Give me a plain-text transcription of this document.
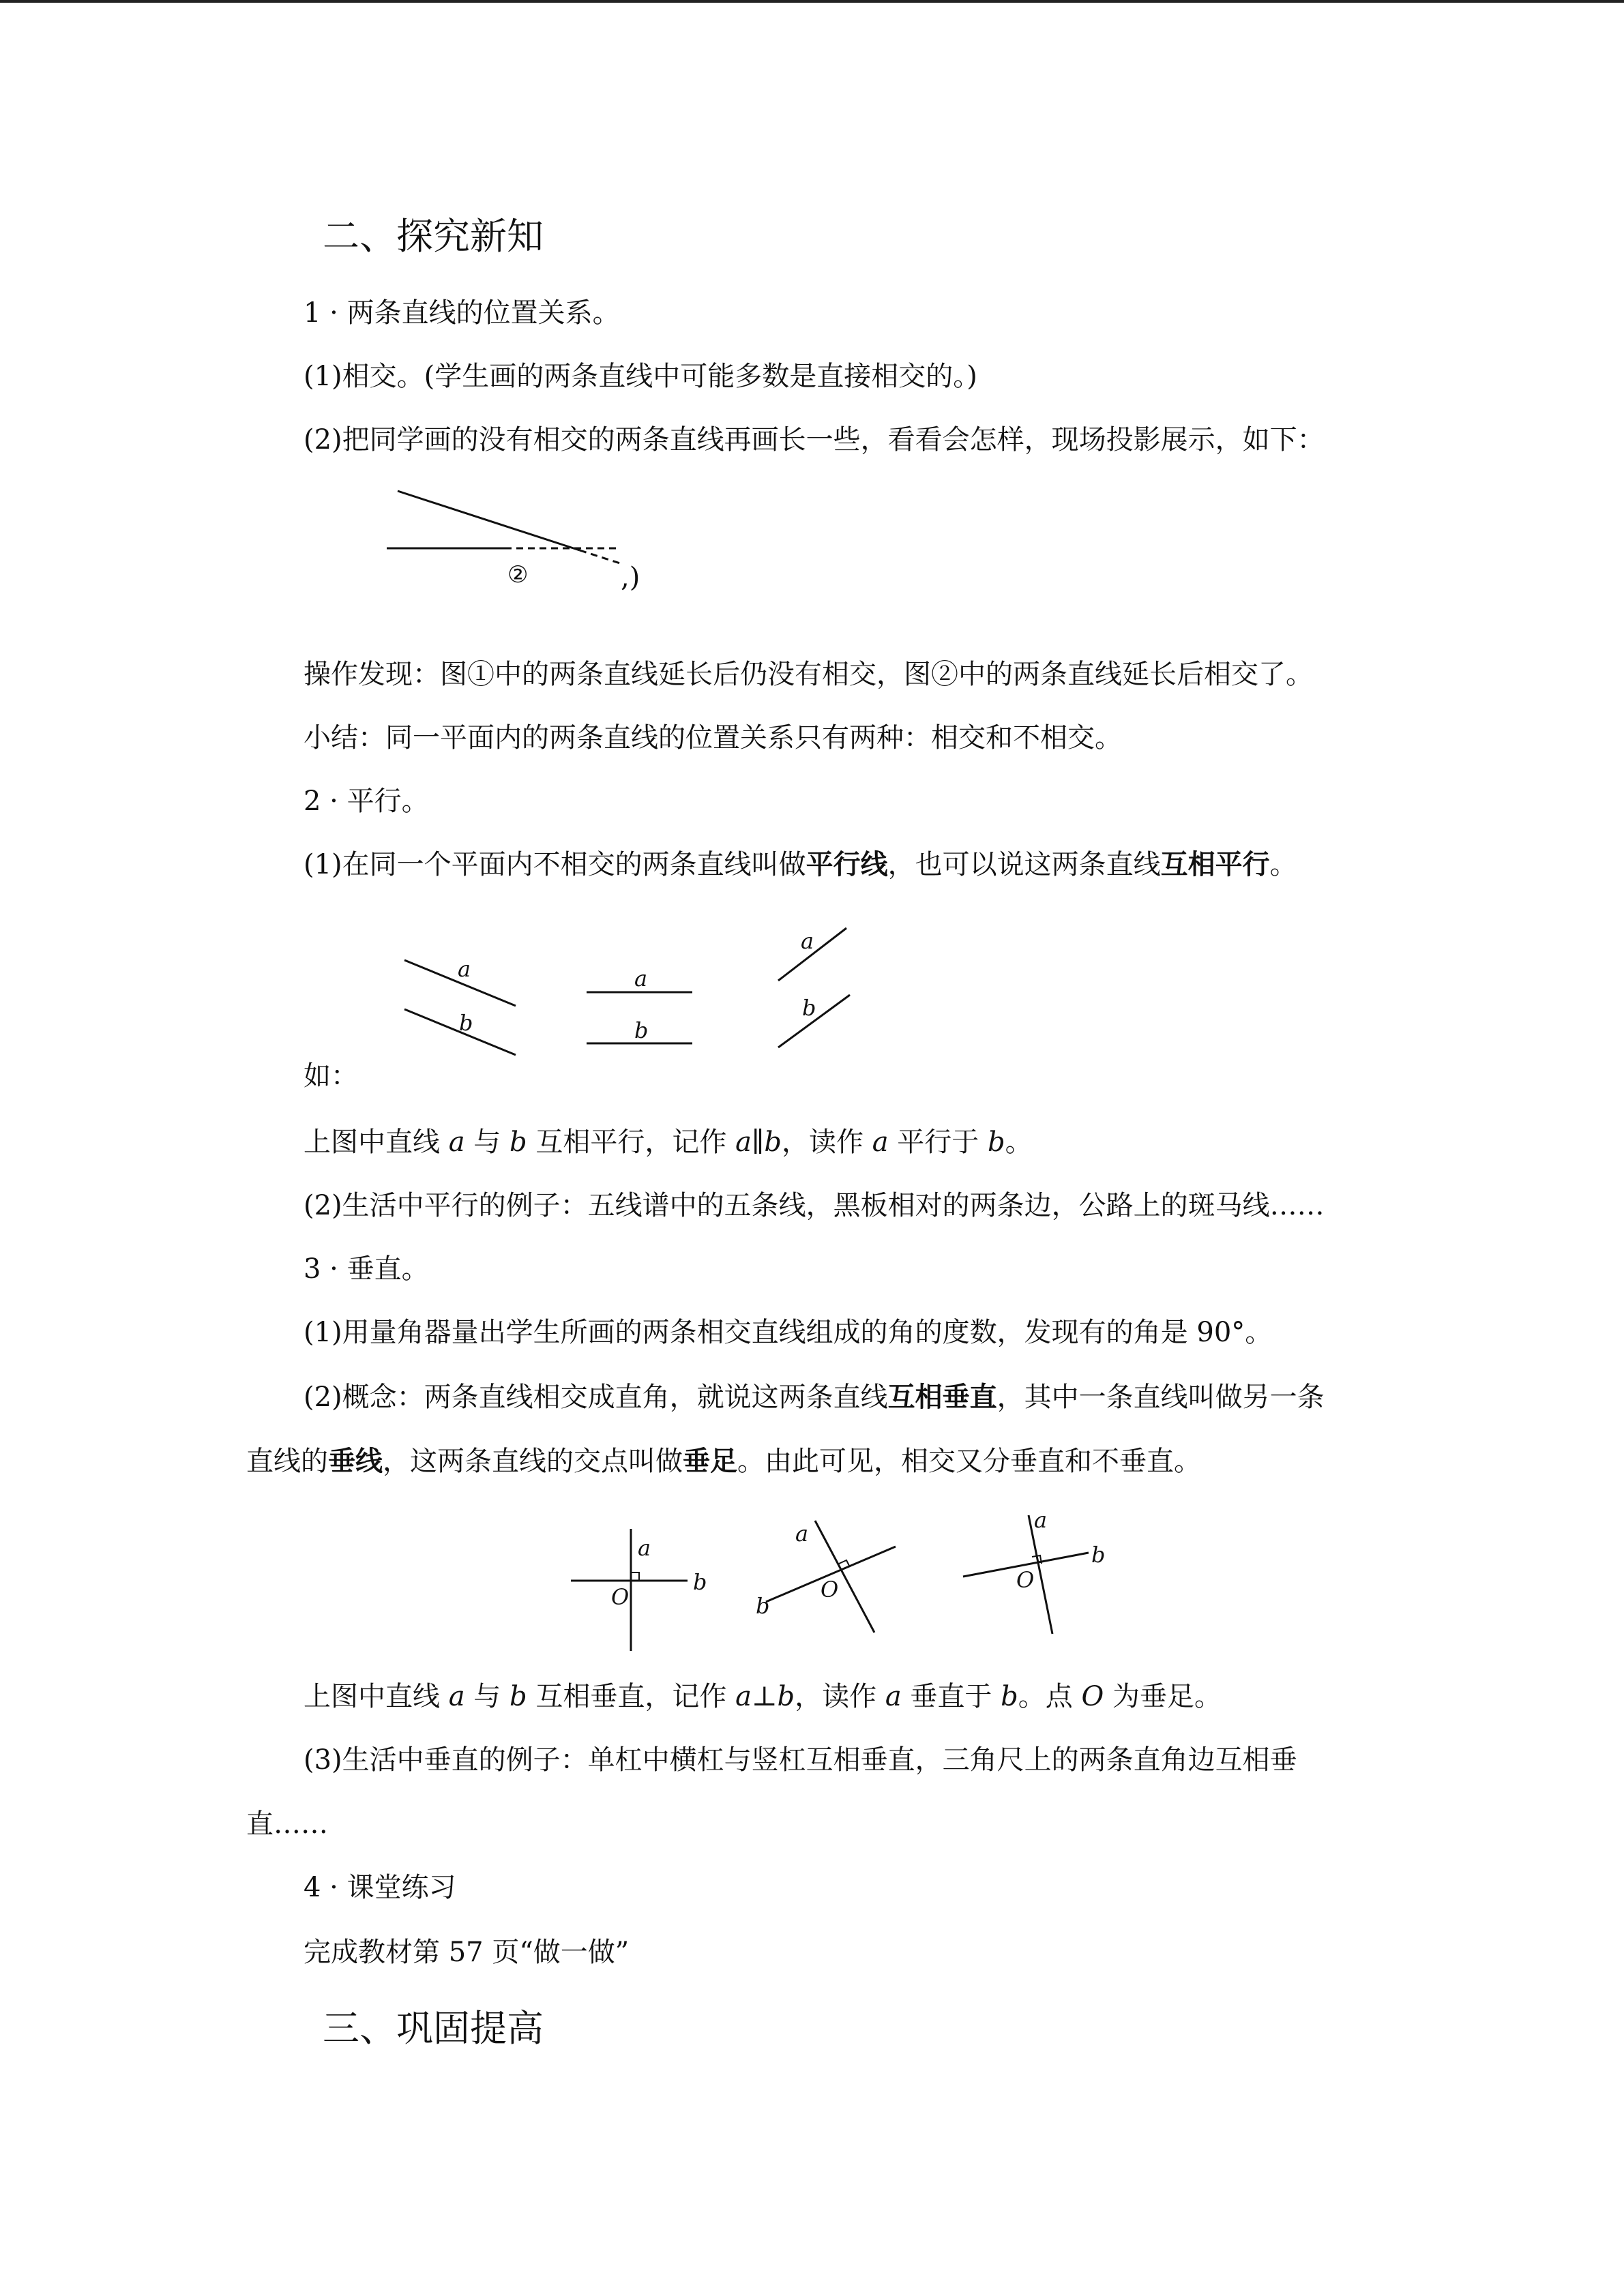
二、探究新知
1 · 两条直线的位置关系。
(1)相交。(学生画的两条直线中可能多数是直接相交的。)
(2)把同学画的没有相交的两条直线再画长一些，看看会怎样，现场投影展示，如下：
②	,)
操作发现：图①中的两条直线延长后仍没有相交，图②中的两条直线延长后相交了。
小结：同一平面内的两条直线的位置关系只有两种：相交和不相交。
2 · 平行。
(1)在同一个平面内不相交的两条直线叫做平行线，也可以说这两条直线互相平行。
a
b
a
b
a
b
如：
上图中直线 a 与 b 互相平行，记作 a∥b，读作 a 平行于 b。
(2)生活中平行的例子：五线谱中的五条线，黑板相对的两条边，公路上的斑马线……
3 · 垂直。
(1)用量角器量出学生所画的两条相交直线组成的角的度数，发现有的角是 90°。
(2)概念：两条直线相交成直角，就说这两条直线互相垂直，其中一条直线叫做另一条
直线的垂线，这两条直线的交点叫做垂足。由此可见，相交又分垂直和不垂直。
a
b
O
a
b
O
a
b
O
上图中直线 a 与 b 互相垂直，记作 a⊥b，读作 a 垂直于 b。点 O 为垂足。
(3)生活中垂直的例子：单杠中横杠与竖杠互相垂直，三角尺上的两条直角边互相垂
直……
4 · 课堂练习
完成教材第 57 页“做一做”
三、巩固提高
